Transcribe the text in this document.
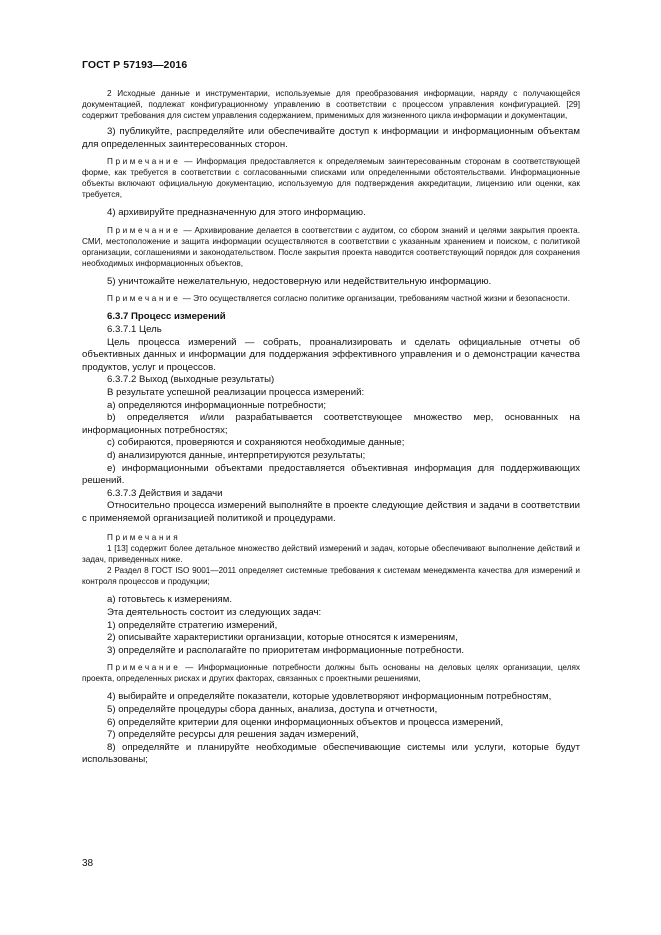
ГОСТ Р 57193—2016

2 Исходные данные и инструментарии, используемые для преобразования информации, наряду с получающейся документацией, подлежат конфигурационному управлению в соответствии с процессом управления конфигурацией. [29] содержит требования для систем управления содержанием, применимых для жизненного цикла информации и документации,

3) публикуйте, распределяйте или обеспечивайте доступ к информации и информационным объектам для определенных заинтересованных сторон.

Примечание — Информация предоставляется к определяемым заинтересованным сторонам в соответствующей форме, как требуется в соответствии с согласованными списками или определенными обстоятельствами. Информационные объекты включают официальную документацию, используемую для подтверждения аккредитации, лицензию или оценки, как требуется,

4) архивируйте предназначенную для этого информацию.

Примечание — Архивирование делается в соответствии с аудитом, со сбором знаний и целями закрытия проекта. СМИ, местоположение и защита информации осуществляются в соответствии с указанным хранением и поиском, с политикой организации, соглашениями и законодательством. После закрытия проекта наводится соответствующий порядок для сохранения необходимых информационных объектов,

5) уничтожайте нежелательную, недостоверную или недействительную информацию.

Примечание — Это осуществляется согласно политике организации, требованиям частной жизни и безопасности.

6.3.7 Процесс измерений

6.3.7.1 Цель

Цель процесса измерений — собрать, проанализировать и сделать официальные отчеты об объективных данных и информации для поддержания эффективного управления и о демонстрации качества продуктов, услуг и процессов.

6.3.7.2 Выход (выходные результаты)

В результате успешной реализации процесса измерений:

a) определяются информационные потребности;

b) определяется и/или разрабатывается соответствующее множество мер, основанных на информационных потребностях;

c) собираются, проверяются и сохраняются необходимые данные;

d) анализируются данные, интерпретируются результаты;

e) информационными объектами предоставляется объективная информация для поддерживающих решений.

6.3.7.3 Действия и задачи

Относительно процесса измерений выполняйте в проекте следующие действия и задачи в соответствии с применяемой организацией политикой и процедурами.

Примечания

1 [13] содержит более детальное множество действий измерений и задач, которые обеспечивают выполнение действий и задач, приведенных ниже.

2 Раздел 8 ГОСТ ISO 9001—2011 определяет системные требования к системам менеджмента качества для измерений и контроля процессов и продукции;

a) готовьтесь к измерениям.

Эта деятельность состоит из следующих задач:

1) определяйте стратегию измерений,

2) описывайте характеристики организации, которые относятся к измерениям,

3) определяйте и располагайте по приоритетам информационные потребности.

Примечание — Информационные потребности должны быть основаны на деловых целях организации, целях проекта, определенных рисках и других факторах, связанных с проектными решениями,

4) выбирайте и определяйте показатели, которые удовлетворяют информационным потребностям,

5) определяйте процедуры сбора данных, анализа, доступа и отчетности,

6) определяйте критерии для оценки информационных объектов и процесса измерений,

7) определяйте ресурсы для решения задач измерений,

8) определяйте и планируйте необходимые обеспечивающие системы или услуги, которые будут использованы;

38
